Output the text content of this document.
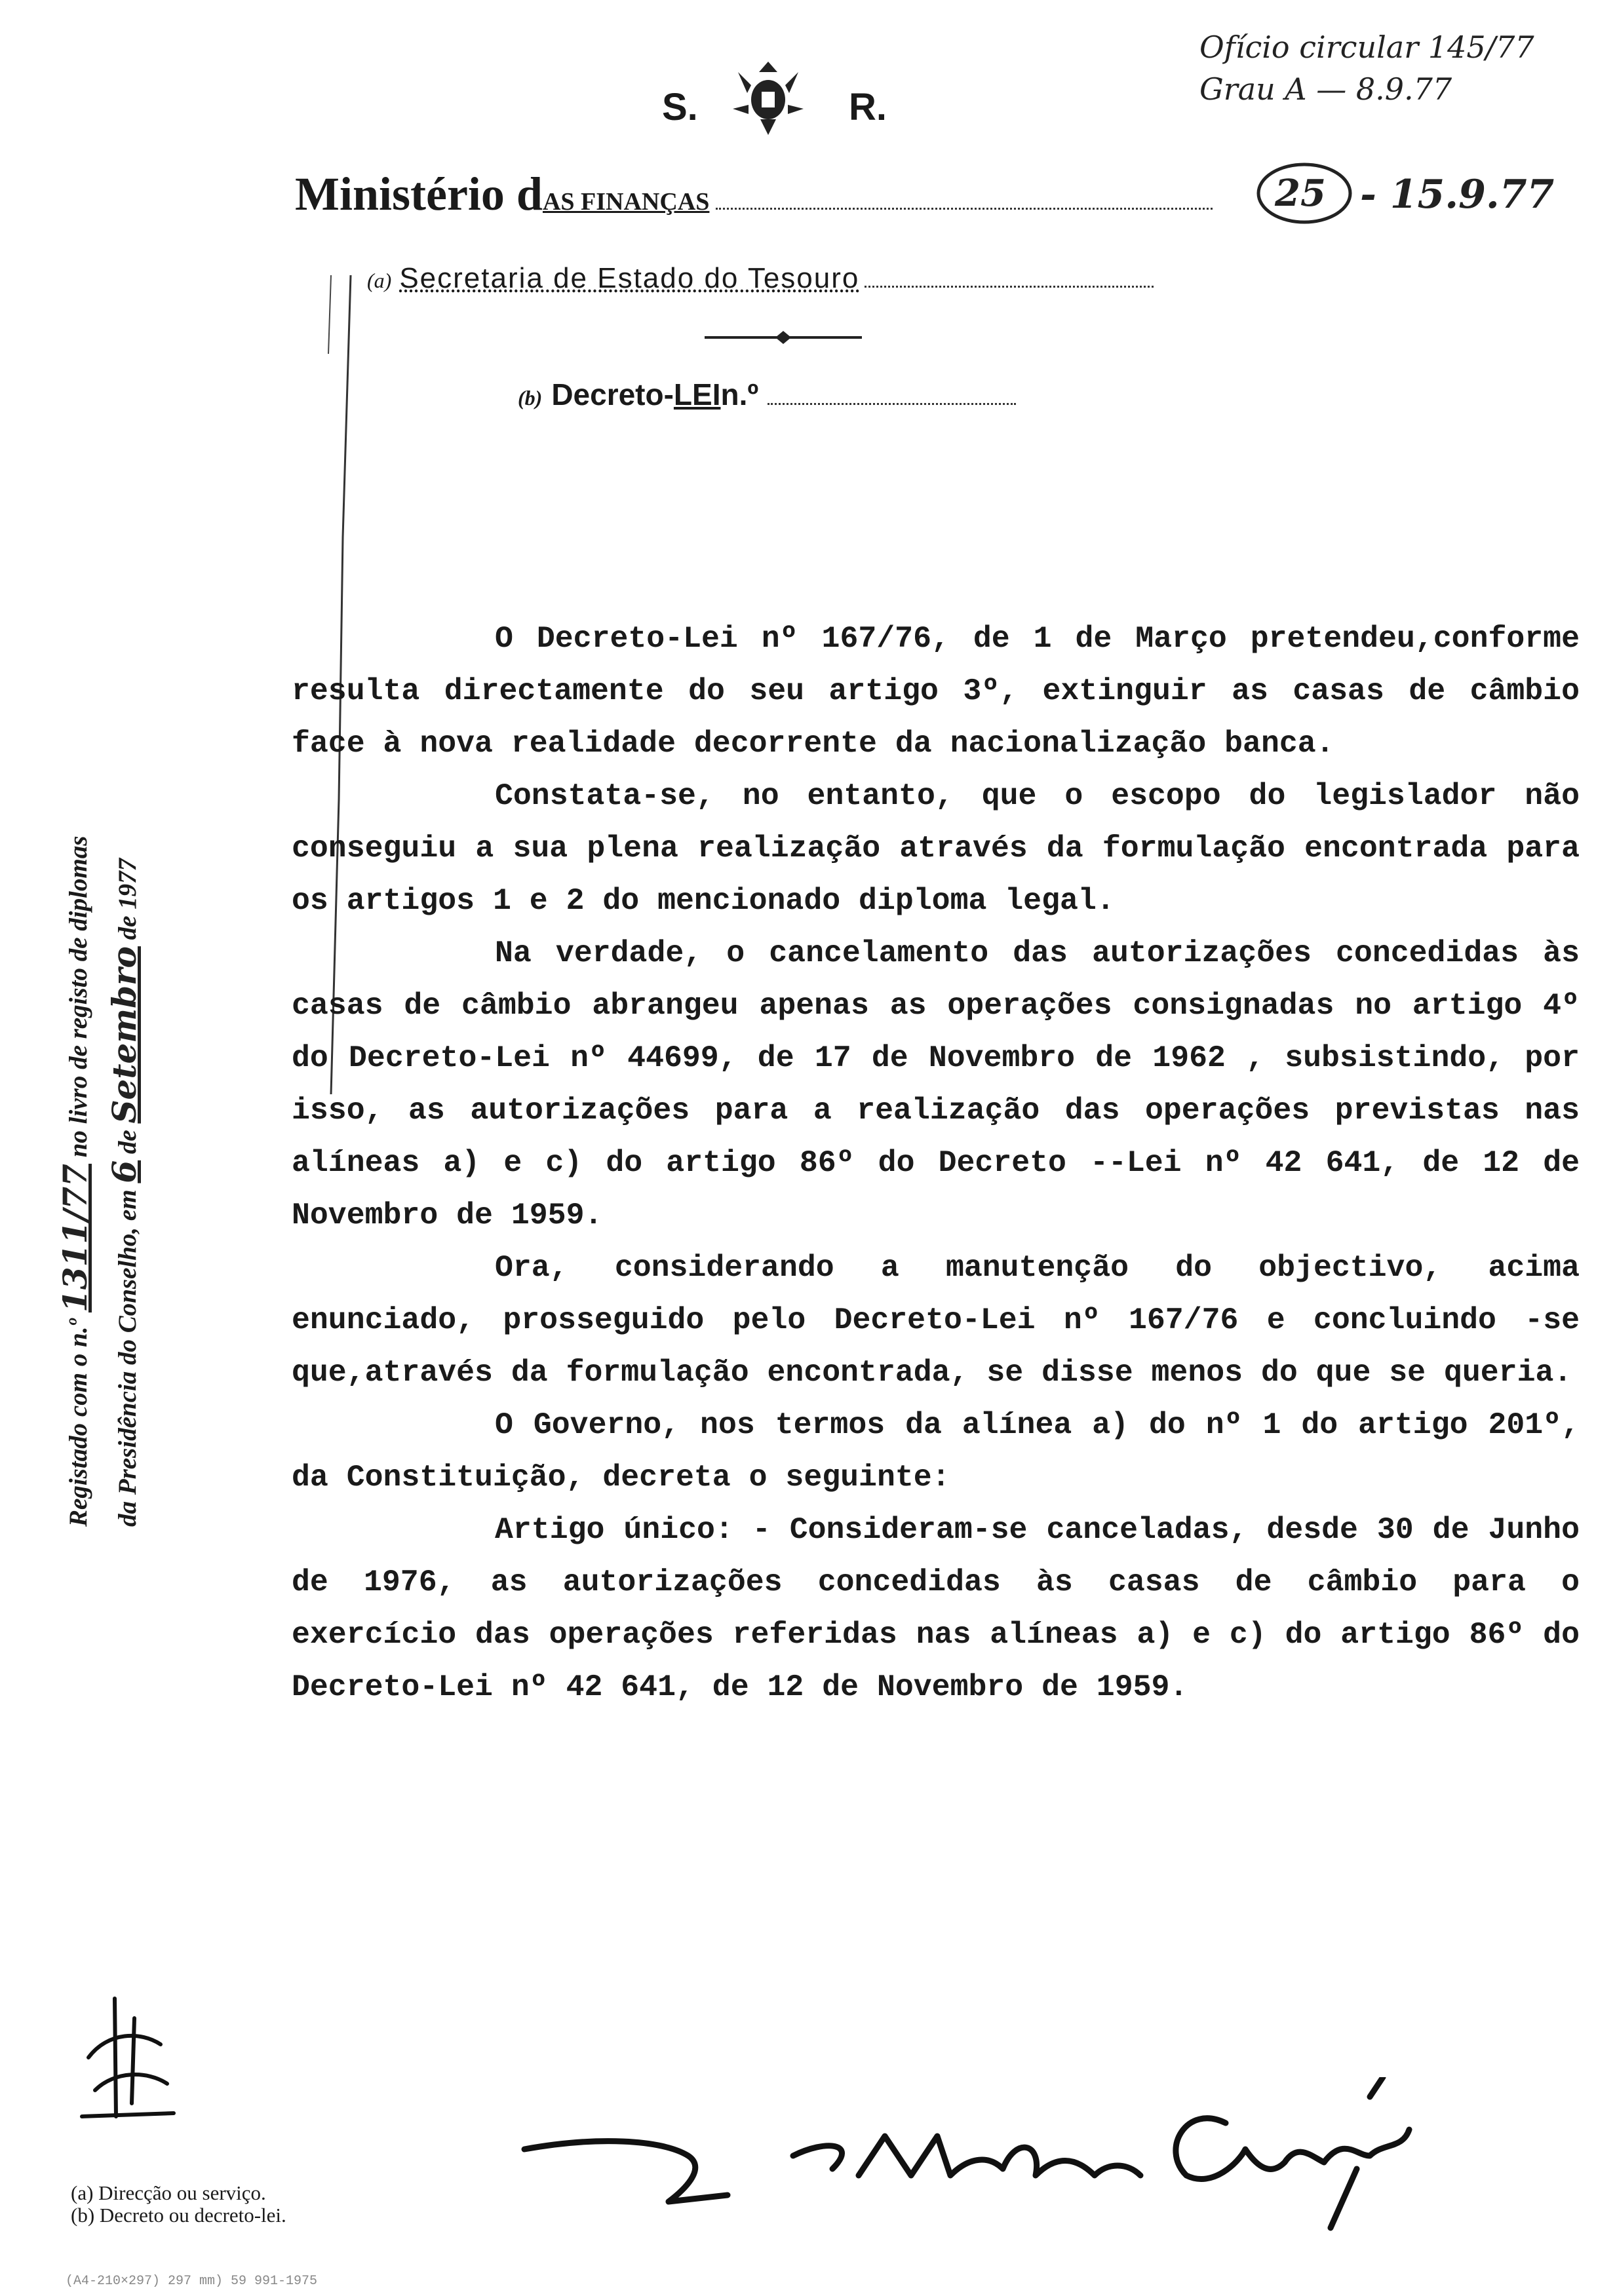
Ofício circular 145/77
Grau A — 8.9.77
S.	R.
Ministério d AS FINANÇAS	25 - 15.9.77
(a) Secretaria de Estado do Tesouro
(b) Decreto- LEI n.º

O Decreto-Lei nº 167/76, de 1 de Março pretendeu,conforme resulta directamente do seu artigo 3º, extinguir as casas de câmbio face à nova realidade decorrente da nacionalização banca.

Constata-se, no entanto, que o escopo do legislador não conseguiu a sua plena realização através da formulação encontrada para os artigos 1 e 2 do mencionado diploma legal.

Na verdade, o cancelamento das autorizações concedidas às casas de câmbio abrangeu apenas as operações consignadas no artigo 4º do Decreto-Lei nº 44699, de 17 de Novembro de 1962 , subsistindo, por isso, as autorizações para a realização das operações previstas nas alíneas a) e c) do artigo 86º do Decreto --Lei nº 42 641, de 12 de Novembro de 1959.

Ora, considerando a manutenção do objectivo, acima enunciado, prosseguido pelo Decreto-Lei nº 167/76 e concluindo -se que,através da formulação encontrada, se disse menos do que se queria.

O Governo, nos termos da alínea a) do nº 1 do artigo 201º, da Constituição, decreta o seguinte:

Artigo único: - Consideram-se canceladas, desde 30 de Junho de 1976, as autorizações concedidas às casas de câmbio para o exercício das operações referidas nas alíneas a) e c) do artigo 86º do Decreto-Lei nº 42 641, de 12 de Novembro de 1959.

Registado com o n.º 1311/77 no livro de registo de diplomas
da Presidência do Conselho, em 6 de Setembro de 1977
(a) Direcção ou serviço.
(b) Decreto ou decreto-lei.
(A4-210×297) 297 mm) 59 991-1975
